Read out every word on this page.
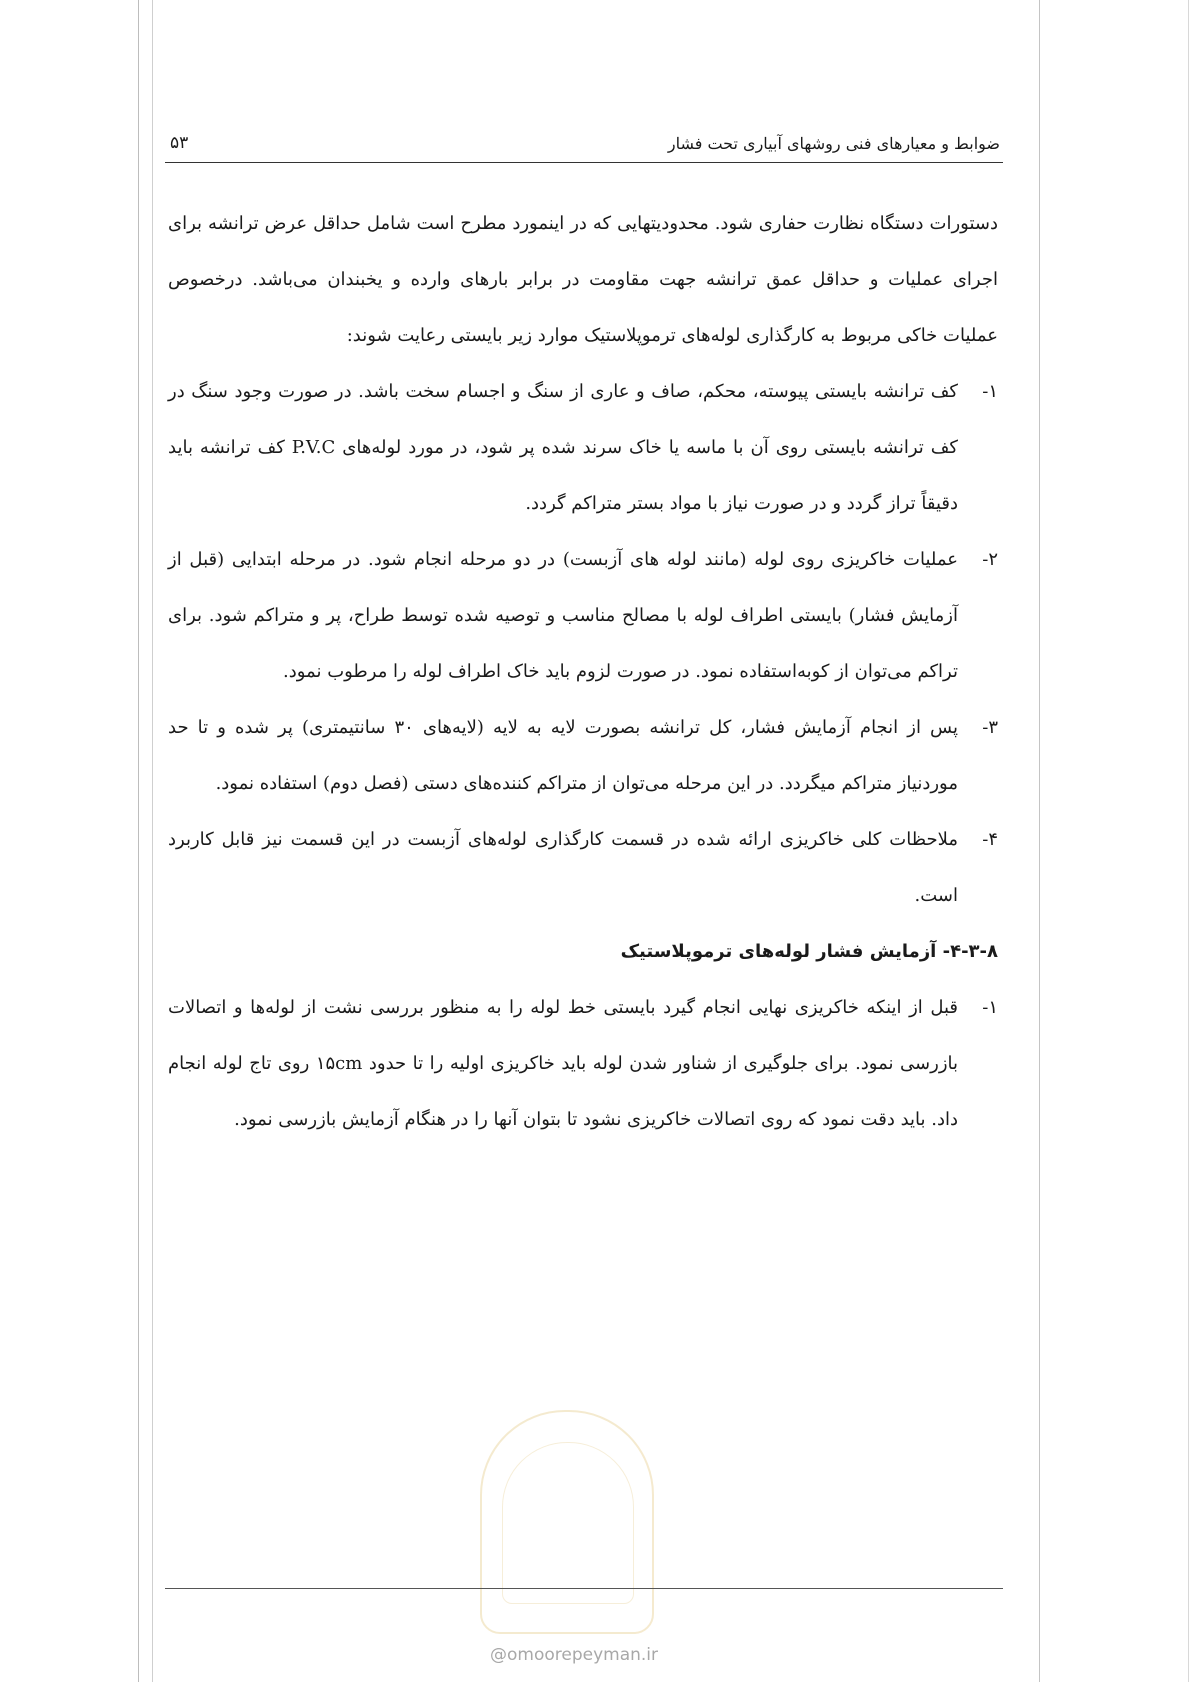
ضوابط و معیارهای فنی روشهای آبیاری تحت فشار
۵۳

دستورات دستگاه نظارت حفاری شود. محدودیتهایی که در اینمورد مطرح است شامل حداقل عرض ترانشه برای اجرای عملیات و حداقل عمق ترانشه جهت مقاومت در برابر بارهای وارده و یخبندان می‌باشد. درخصوص عملیات خاکی مربوط به کارگذاری لوله‌های ترموپلاستیک موارد زیر بایستی رعایت شوند:

۱-
کف ترانشه بایستی پیوسته، محکم، صاف و عاری از سنگ و اجسام سخت باشد. در صورت وجود سنگ در کف ترانشه بایستی روی آن با ماسه یا خاک سرند شده پر شود، در مورد لوله‌های P.V.C کف ترانشه باید دقیقاً تراز گردد و در صورت نیاز با مواد بستر متراکم گردد.
۲-
عملیات خاکریزی روی لوله (مانند لوله های آزبست) در دو مرحله انجام شود. در مرحله ابتدایی (قبل از آزمایش فشار) بایستی اطراف لوله با مصالح مناسب و توصیه شده توسط طراح، پر و متراکم شود. برای تراکم می‌توان از کوبه‌استفاده نمود. در صورت لزوم باید خاک اطراف لوله را مرطوب نمود.
۳-
پس از انجام آزمایش فشار، کل ترانشه بصورت لایه به لایه (لایه‌های ۳۰ سانتیمتری) پر شده و تا حد موردنیاز متراکم میگردد. در این مرحله می‌توان از متراکم کننده‌های دستی (فصل دوم) استفاده نمود.
۴-
ملاحظات کلی خاکریزی ارائه شده در قسمت کارگذاری لوله‌های آزبست در این قسمت نیز قابل کاربرد است.

۴-۳-۸- آزمایش فشار لوله‌های ترموپلاستیک

۱-
قبل از اینکه خاکریزی نهایی انجام گیرد بایستی خط لوله را به منظور بررسی نشت از لوله‌ها و اتصالات بازرسی نمود. برای جلوگیری از شناور شدن لوله باید خاکریزی اولیه را تا حدود ۱۵cm روی تاج لوله انجام داد. باید دقت نمود که روی اتصالات خاکریزی نشود تا بتوان آنها را در هنگام آزمایش بازرسی نمود.
@omoorepeyman.ir
